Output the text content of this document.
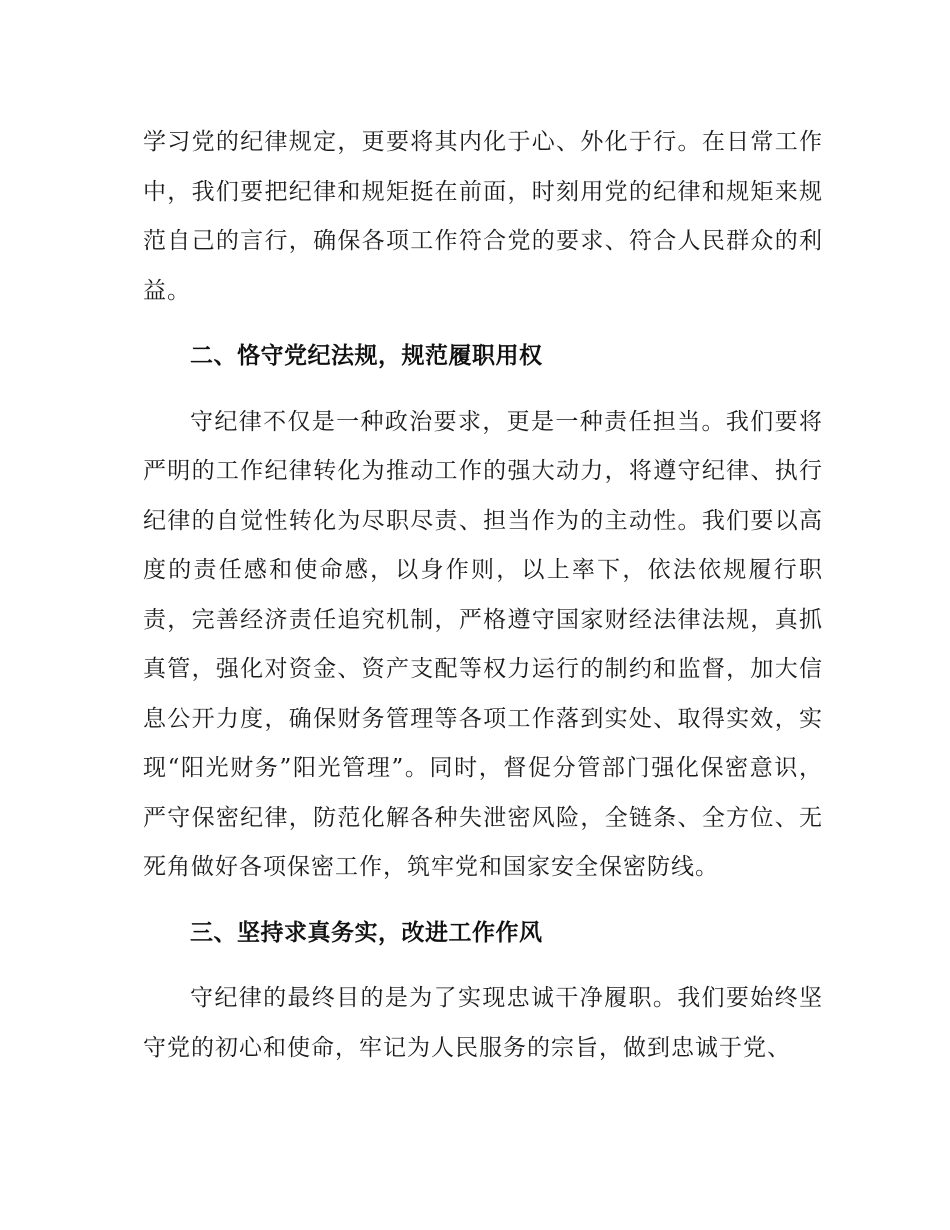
学习党的纪律规定，更要将其内化于心、外化于行。在日常工作中，我们要把纪律和规矩挺在前面，时刻用党的纪律和规矩来规范自己的言行，确保各项工作符合党的要求、符合人民群众的利益。

二、恪守党纪法规，规范履职用权

守纪律不仅是一种政治要求，更是一种责任担当。我们要将严明的工作纪律转化为推动工作的强大动力，将遵守纪律、执行纪律的自觉性转化为尽职尽责、担当作为的主动性。我们要以高度的责任感和使命感，以身作则，以上率下，依法依规履行职责，完善经济责任追究机制，严格遵守国家财经法律法规，真抓真管，强化对资金、资产支配等权力运行的制约和监督，加大信息公开力度，确保财务管理等各项工作落到实处、取得实效，实现“阳光财务”阳光管理”。同时，督促分管部门强化保密意识，严守保密纪律，防范化解各种失泄密风险，全链条、全方位、无死角做好各项保密工作，筑牢党和国家安全保密防线。

三、坚持求真务实，改进工作作风

守纪律的最终目的是为了实现忠诚干净履职。我们要始终坚守党的初心和使命，牢记为人民服务的宗旨，做到忠诚于党、
